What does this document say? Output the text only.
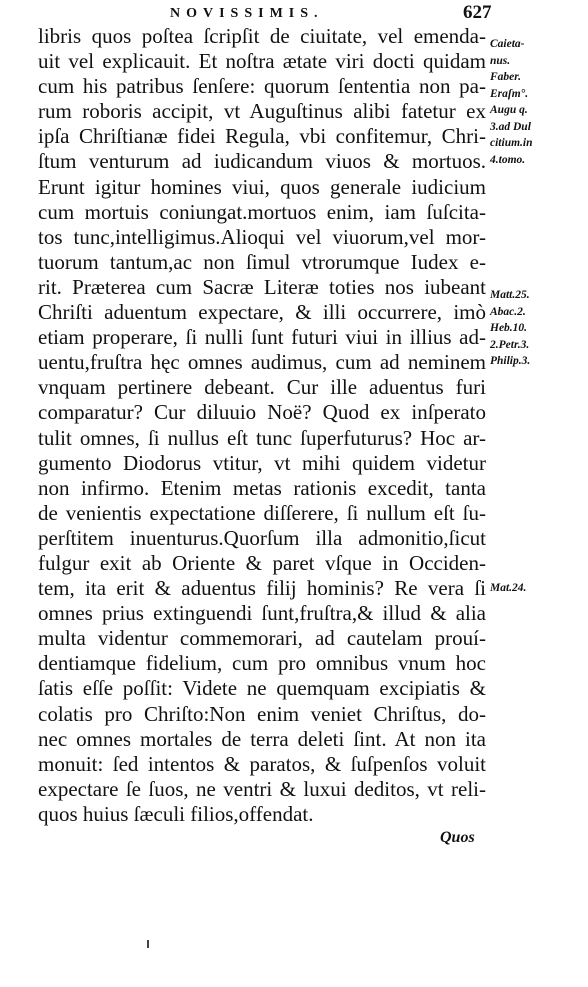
NOVISSIMIS.	627
libris quos poſtea ſcripſit de ciuitate, vel emenda-
uit vel explicauit. Et noſtra ætate viri docti quidam
cum his patribus ſenſere: quorum ſententia non pa-
rum roboris accipit, vt Auguſtinus alibi fatetur ex
ipſa Chriſtianæ fidei Regula, vbi confitemur, Chri-
ſtum venturum ad iudicandum viuos & mortuos.
Erunt igitur homines viui, quos generale iudicium
cum mortuis coniungat.mortuos enim, iam ſuſcita-
tos tunc,intelligimus.Alioqui vel viuorum,vel mor-
tuorum tantum,ac non ſimul vtrorumque Iudex e-
rit. Præterea cum Sacræ Literæ toties nos iubeant
Chriſti aduentum expectare, & illi occurrere, imò
etiam properare, ſi nulli ſunt futuri viui in illius ad-
uentu,fruſtra hęc omnes audimus, cum ad neminem
vnquam pertinere debeant. Cur ille aduentus furi
comparatur? Cur diluuio Noë? Quod ex inſperato
tulit omnes, ſi nullus eſt tunc ſuperfuturus? Hoc ar-
gumento Diodorus vtitur, vt mihi quidem videtur
non infirmo. Etenim metas rationis excedit, tanta
de venientis expectatione diſſerere, ſi nullum eſt ſu-
perſtitem inuenturus.Quorſum illa admonitio,ſicut
fulgur exit ab Oriente & paret vſque in Occiden-
tem, ita erit & aduentus filij hominis? Re vera ſi
omnes prius extinguendi ſunt,fruſtra,& illud & alia
multa videntur commemorari, ad cautelam prouí-
dentiamque fidelium, cum pro omnibus vnum hoc
ſatis eſſe poſſit: Videte ne quemquam excipiatis &
colatis pro Chriſto:Non enim veniet Chriſtus, do-
nec omnes mortales de terra deleti ſint. At non ita
monuit: ſed intentos & paratos, & ſuſpenſos voluit
expectare ſe ſuos, ne ventri & luxui deditos, vt reli-
quos huius ſæculi filios,offendat.
Caieta-
nus.
Faber.
Eraſm°.
Augu q.
3.ad Dul
citium.in
4.tomo.
Matt.25.
Abac.2.
Heb.10.
2.Petr.3.
Philip.3.
Mat.24.
Quos
